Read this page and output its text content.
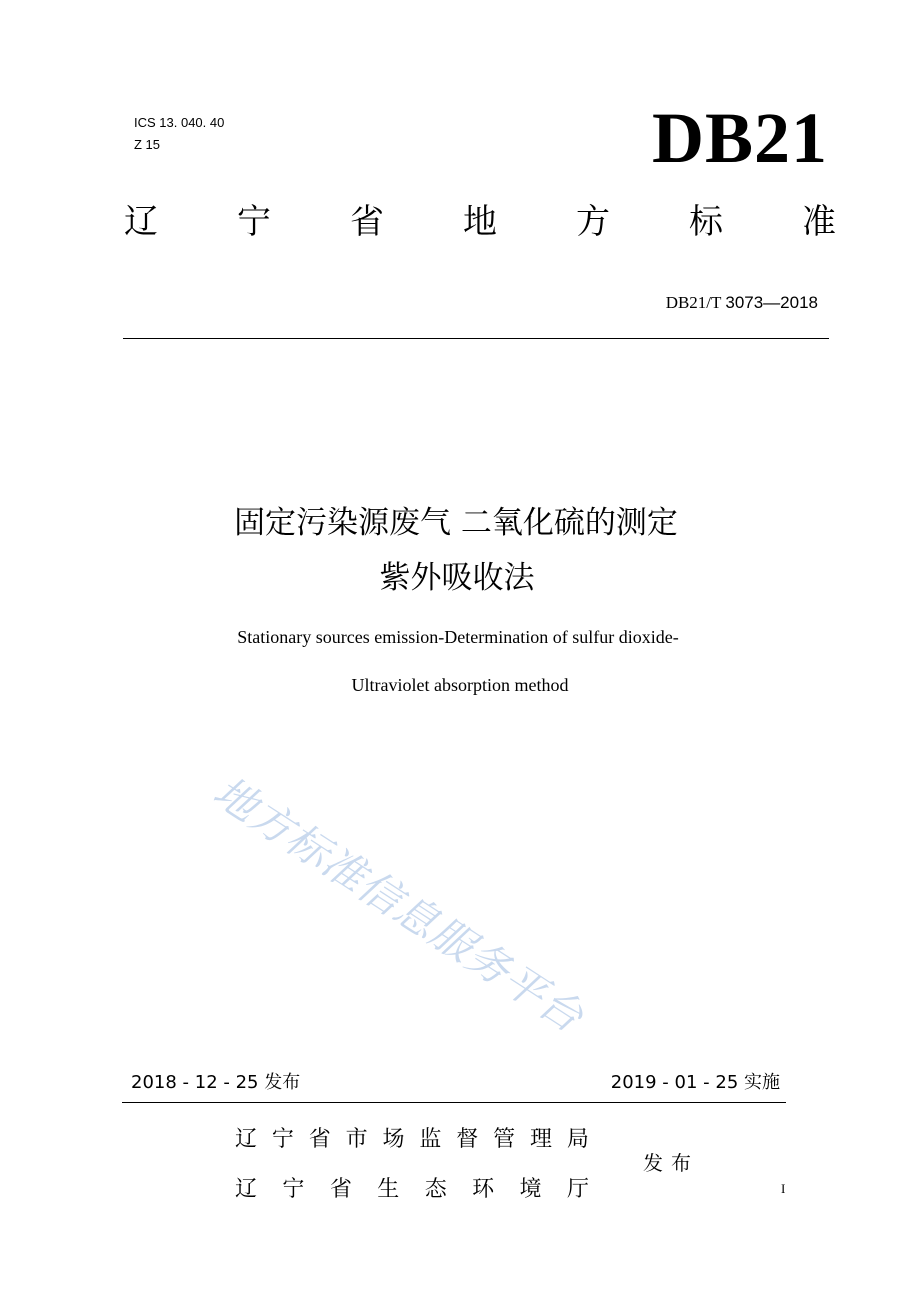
ICS 13. 040. 40
Z 15	DB21
辽 宁 省 地 方 标 准
DB21/T 3073—2018
固定污染源废气 二氧化硫的测定
紫外吸收法
Stationary sources emission-Determination of sulfur dioxide-
Ultraviolet absorption method
地方标准信息服务平台
2018 - 12 - 25 发布	2019 - 01 - 25 实施
辽 宁 省 市 场 监 督 管 理 局
辽 宁 省 生 态 环 境 厅
发布
I
